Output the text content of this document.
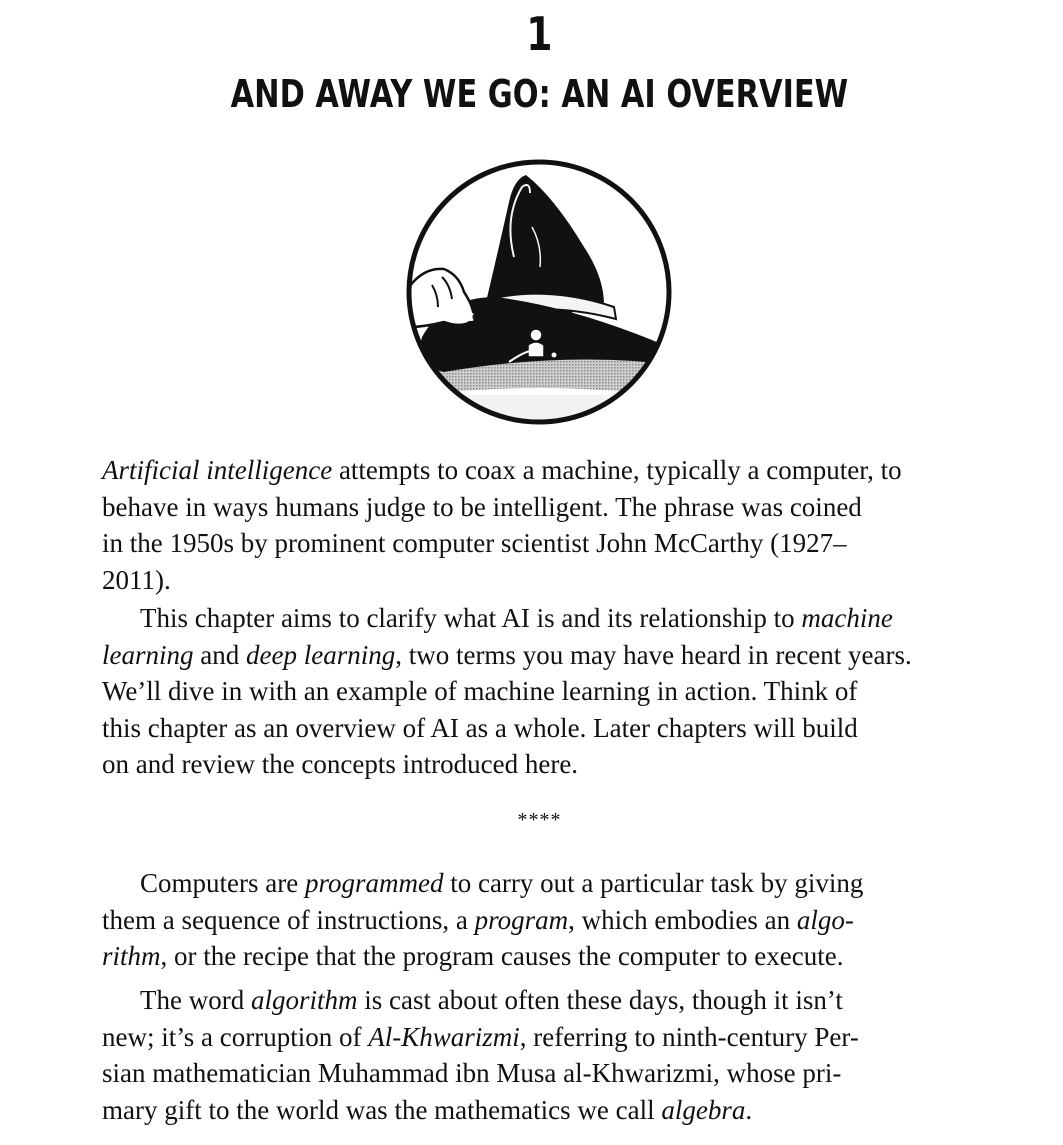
1
AND AWAY WE GO: AN AI OVERVIEW
c
Artificial intelligence attempts to coax a machine, typically a computer, to
behave in ways humans judge to be intelligent. The phrase was coined
in the 1950s by prominent computer scientist John McCarthy (1927–
2011).
This chapter aims to clarify what AI is and its relationship to machine
learning and deep learning, two terms you may have heard in recent years.
We’ll dive in with an example of machine learning in action. Think of
this chapter as an overview of AI as a whole. Later chapters will build
on and review the concepts introduced here.
****
Computers are programmed to carry out a particular task by giving
them a sequence of instructions, a program, which embodies an algo-
rithm, or the recipe that the program causes the computer to execute.
The word algorithm is cast about often these days, though it isn’t
new; it’s a corruption of Al-Khwarizmi, referring to ninth-century Per-
sian mathematician Muhammad ibn Musa al-Khwarizmi, whose pri-
mary gift to the world was the mathematics we call algebra.
